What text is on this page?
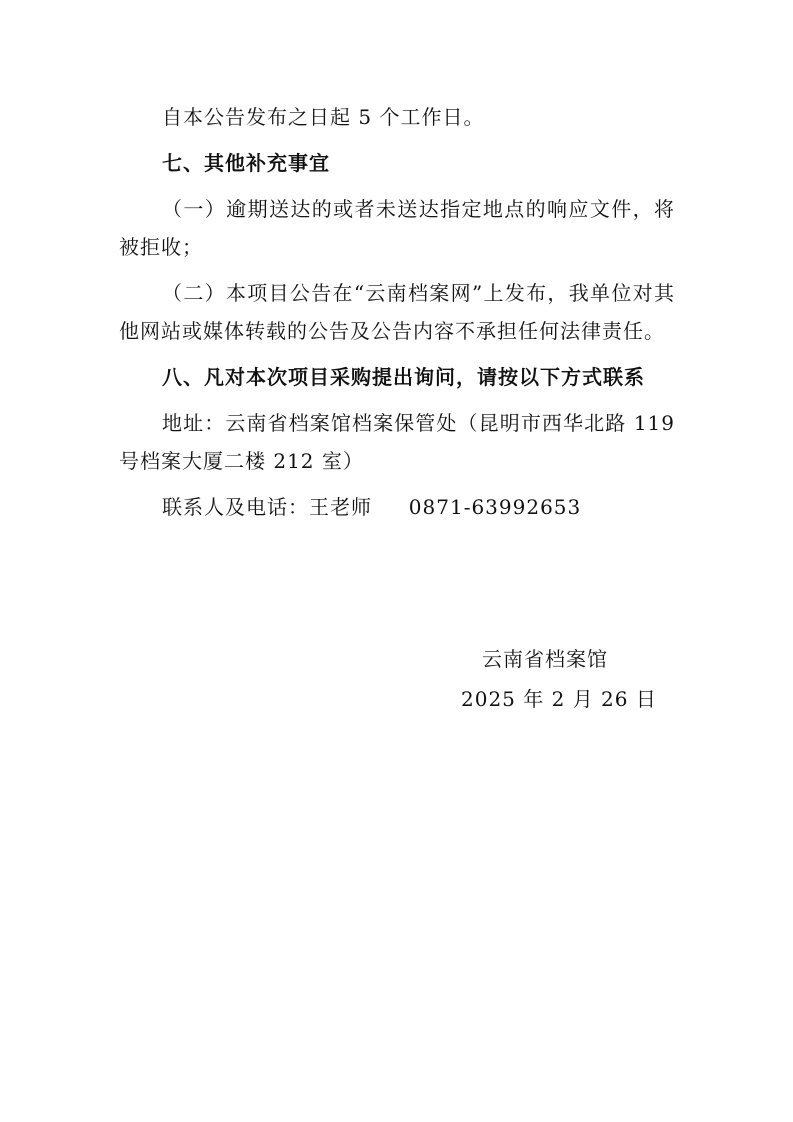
自本公告发布之日起 5 个工作日。

七、其他补充事宜

（一）逾期送达的或者未送达指定地点的响应文件，将被拒收；

（二）本项目公告在“云南档案网”上发布，我单位对其他网站或媒体转载的公告及公告内容不承担任何法律责任。

八、凡对本次项目采购提出询问，请按以下方式联系

地址：云南省档案馆档案保管处（昆明市西华北路 119 号档案大厦二楼 212 室）

联系人及电话：王老师 0871-63992653

云南省档案馆
2025 年 2 月 26 日
